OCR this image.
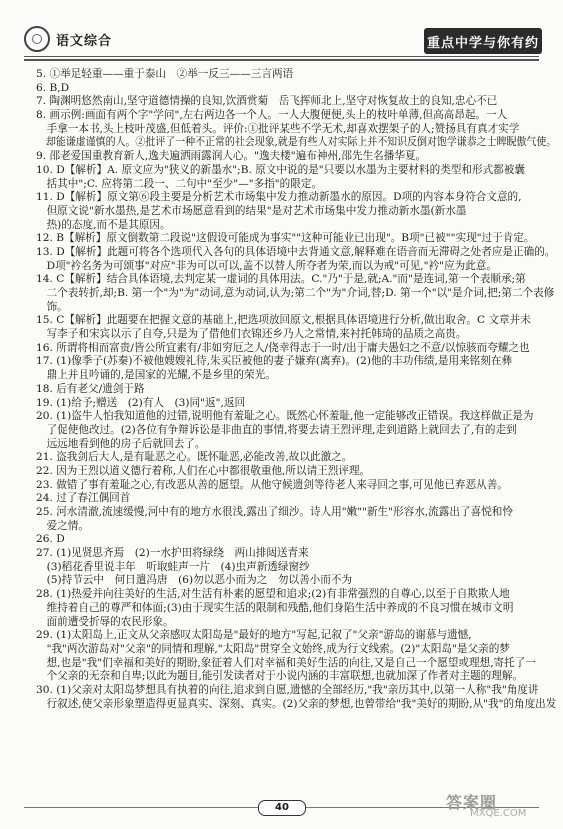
语文综合	重点中学与你有约
5. ①举足轻重——重于泰山　②举一反三——三言两语
6. B,D
7. 陶渊明悠然南山,坚守道德情操的良知,饮酒赏菊　岳飞挥师北上,坚守对恢复故土的良知,忠心不已
8. 画示例:画面有两个字"学问",左右两边各一个人。一人大腹便便,头上的枝叶单薄,但高高昂起。一人
　手拿一本书,头上枝叶茂盛,但低着头。评价:①批评某些不学无术,却喜欢摆架子的人;赞扬具有真才实学
　却能谦虚谨慎的人。②批评了一种不正常的社会现象,就是有些人对实际上并不知识反倒对饱学谦恭之士睥睨傲气使。
9. 邵老爱国重教育新人,逸夫遍洒雨露润人心。"逸夫楼"遍布神州,邵先生名播华夏。
10. D【解析】A. 原文应为"狭义的新墨水";B. 原文中说的是"只要以水墨为主要材料的类型和形式都被囊
　括其中";C. 应将第二段一、二句中"至少"—"多指"的限定。
11. D【解析】原文第⑥段主要是分析艺术市场集中发力推动新墨水的原因。D项的内容本身符合文意的,
　但原文说"新水墨热,是艺术市场愿意看到的结果"是对艺术市场集中发力推动新水墨(新水墨
　热)的态度,而不是其原因。
12. B【解析】原文倒数第二段说"这假设可能成为事实""这种可能业已出现"。B项"已被""实现"过于肯定。
13. D【解析】此题可将各个选项代入各句的具体语境中去背通文意,解释难在语音而无滞碍之处者应是正确的。
　D项"衿名务为可颂事"对应"非为可以可以,盖不以替人所夺者为荣,而以为戒"可见,"衿"应为此意。
14. C【解析】结合具体语境,去判定某一虚词的具体用法。C."乃"于是,就;A."而"是连词,第一个表顺承;第
　二个表转折,却;B. 第一个"为"为"动词,意为动词,认为;第二个"为"介词,替;D. 第一个"以"是介词,把;第二个表修
　饰。
15. C【解析】此题要在把握文意的基础上,把选项放回原文,根据具体语境进行分析,做出取舍。C 文章并未
　写李子和宋宾以示了自夸,只是为了借他们衣锦还乡乃人之常情,来衬托韩琦的品质之高贵。
16. 所谓将相而富贵/皆公所宜素有/非如穷厄之人/侥幸得志于一时/出于庸夫愚妇之不意/以惊骇而夸耀之也
17. (1)像季子(苏秦)不被他嫂嫂礼待,朱买臣被他的妻子嫌弃(离弃)。(2)他的丰功伟绩,是用来铭刻在彝
　鼎上并且吟诵的,是国家的光耀,不是乡里的荣光。
18. 后有老父/遗剑于路
19. (1)给予;赠送　(2)有人　(3)同"返",返回
20. (1)盗牛人怕我知道他的过错,说明他有羞耻之心。既然心怀羞耻,他一定能够改正错误。我这样做正是为
　了促使他改过。(2)各位有争辩诉讼是非曲直的事情,将要去请王烈评理,走到道路上就回去了,有的走到
　远远地看到他的房子后就回去了。
21. 盗我剑后大人,是有耻恶之心。既怀耻恶,必能改善,故以此激之。
22. 因为王烈以道义德行着称,人们在心中都很敬重他,所以请王烈评理。
23. 做错了事有羞耻之心,有改恶从善的愿望。从他守候遗剑等待老人来寻回之事,可见他已弃恶从善。
24. 过了春江偶回首
25. 河水清澈,流速缓慢,河中有的地方水很浅,露出了细沙。诗人用"嫩""新生"形容水,流露出了喜悦和怜
　爱之情。
26. D
27. (1)见贤思齐焉　(2)一水护田将绿绕　两山排闼送青来
　(3)稻花香里说丰年　听取蛙声一片　(4)虫声新透绿窗纱
　(5)持节云中　何日遣冯唐　(6)勿以恶小而为之　勿以善小而不为
28. (1)热爱并向往美好的生活,对生活有朴素的愿望和追求;(2)有非常强烈的自尊心,以至于自欺欺人地
　维持着自己的尊严和体面;(3)由于现实生活的限制和残酷,他们身陷生活中养成的不良习惯在城市文明
　面前遭受折辱的农民形象。
29. (1)太阳岛上,正文从父亲感叹太阳岛是"最好的地方"写起,记叙了"父亲"游岛的谢慕与遗憾,
　"我"两次游岛对"父亲"的同情和理解,"太阳岛"贯穿全文始终,成为行文线索。(2)"太阳岛"是父亲的梦
　想,也是"我"们幸福和美好的期盼,象征着人们对幸福和美好生活的向往,又是自己一个愿望或理想,寄托了一
　个父亲的无奈和自卑;以此为题目,能引发读者对于小说内涵的丰富联想,也就加深了作者对主题的理解。
30. (1)父亲对太阳岛梦想具有执着的向往,追求到自愿,遗憾的全部经历,"我"亲历其中,以第一人称"我"角度讲
　行叙述,使父亲形象塑造得更显真实、深刻、真实。(2)父亲的梦想,也曾带给"我"美好的期盼,从"我"的角度出发
40	答案圈
MXQE.COM
